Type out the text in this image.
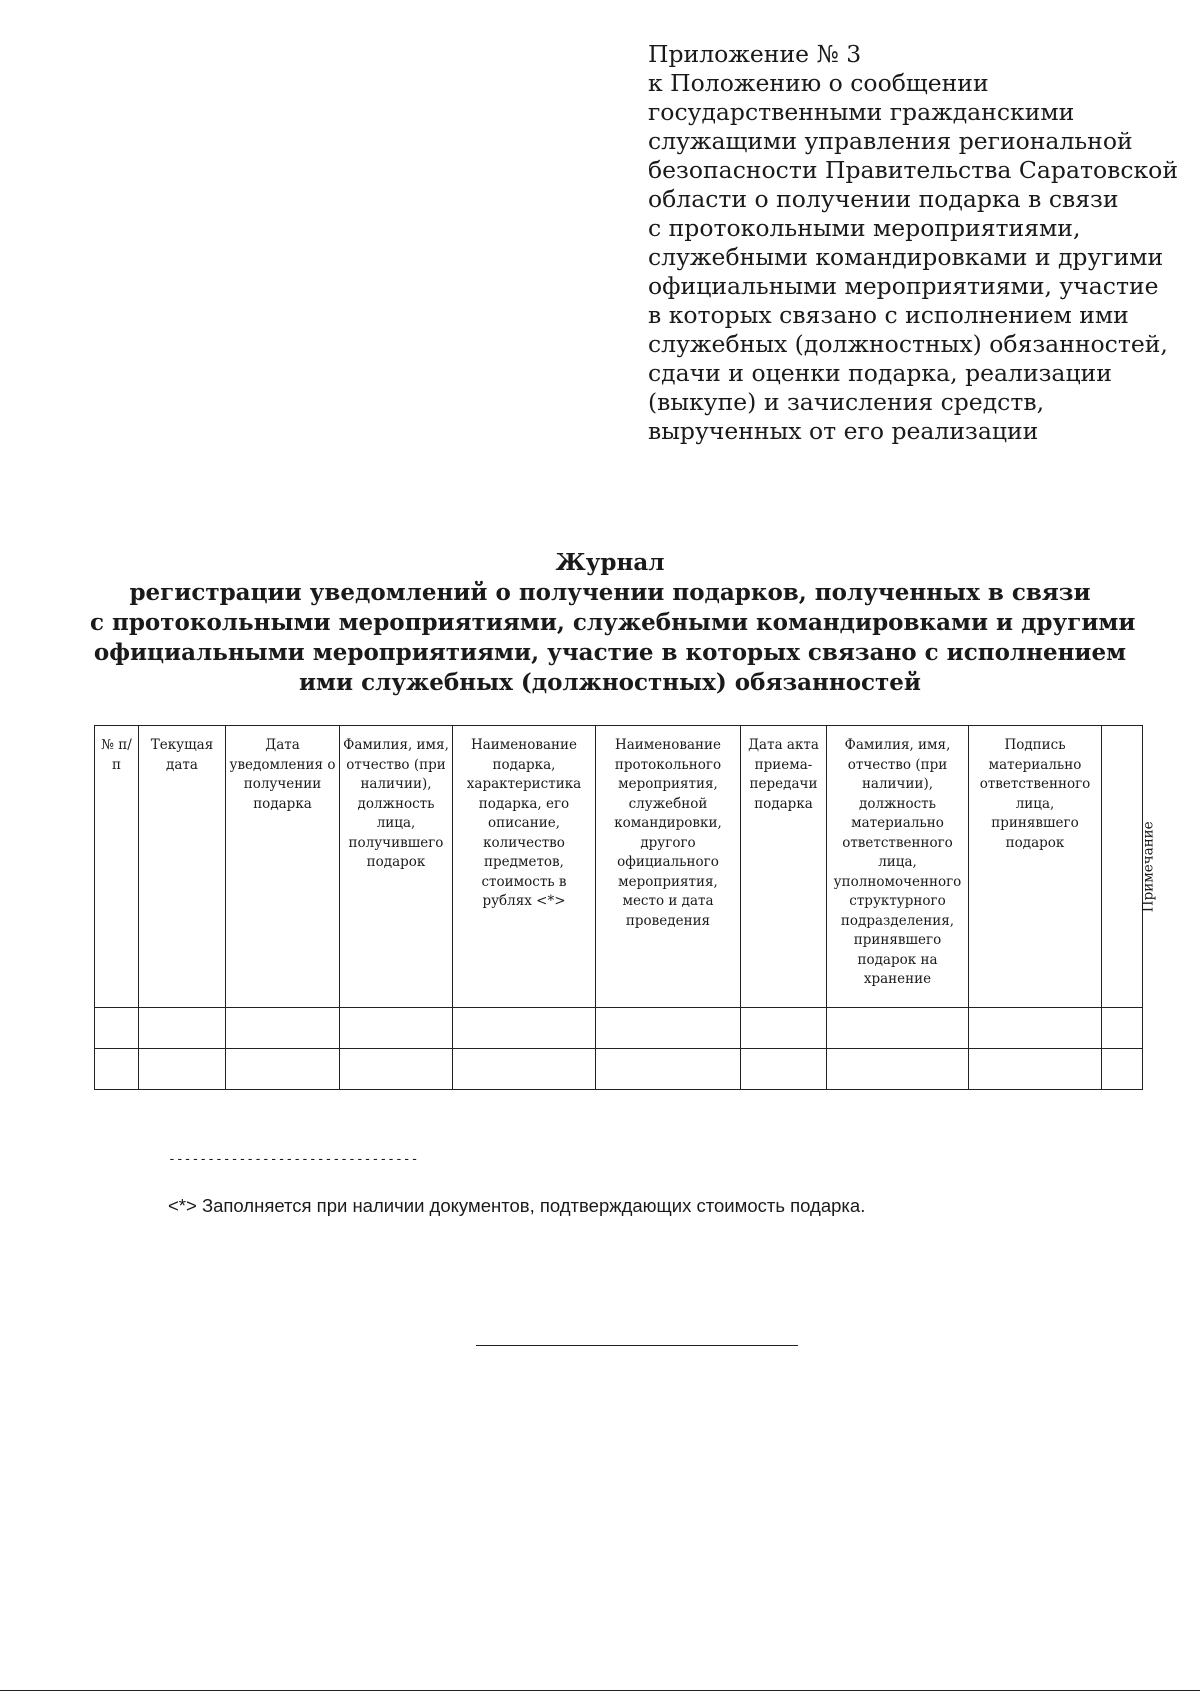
Приложение № 3
к Положению о сообщении
государственными гражданскими
служащими управления региональной
безопасности Правительства Саратовской
области о получении подарка в связи
с протокольными мероприятиями,
служебными командировками и другими
официальными мероприятиями, участие
в которых связано с исполнением ими
служебных (должностных) обязанностей,
сдачи и оценки подарка, реализации
(выкупе) и зачисления средств,
вырученных от его реализации
Журнал
регистрации уведомлений о получении подарков, полученных в связи
с протокольными мероприятиями, служебными командировками и другими
официальными мероприятиями, участие в которых связано с исполнением
ими служебных (должностных) обязанностей
№ п/п	Текущая дата	Дата уведомления о получении подарка	Фамилия, имя, отчество (при наличии), должность лица, получившего подарок	Наименование подарка, характеристика подарка, его описание, количество предметов, стоимость в рублях <*>	Наименование протокольного мероприятия, служебной командировки, другого официального мероприятия, место и дата проведения	Дата акта приема-передачи подарка	Фамилия, имя, отчество (при наличии), должность материально ответственного лица, уполномоченного структурного подразделения, принявшего подарок на хранение	Подпись материально ответственного лица, принявшего подарок	Примечание

--------------------------------
<*> Заполняется при наличии документов, подтверждающих стоимость подарка.
